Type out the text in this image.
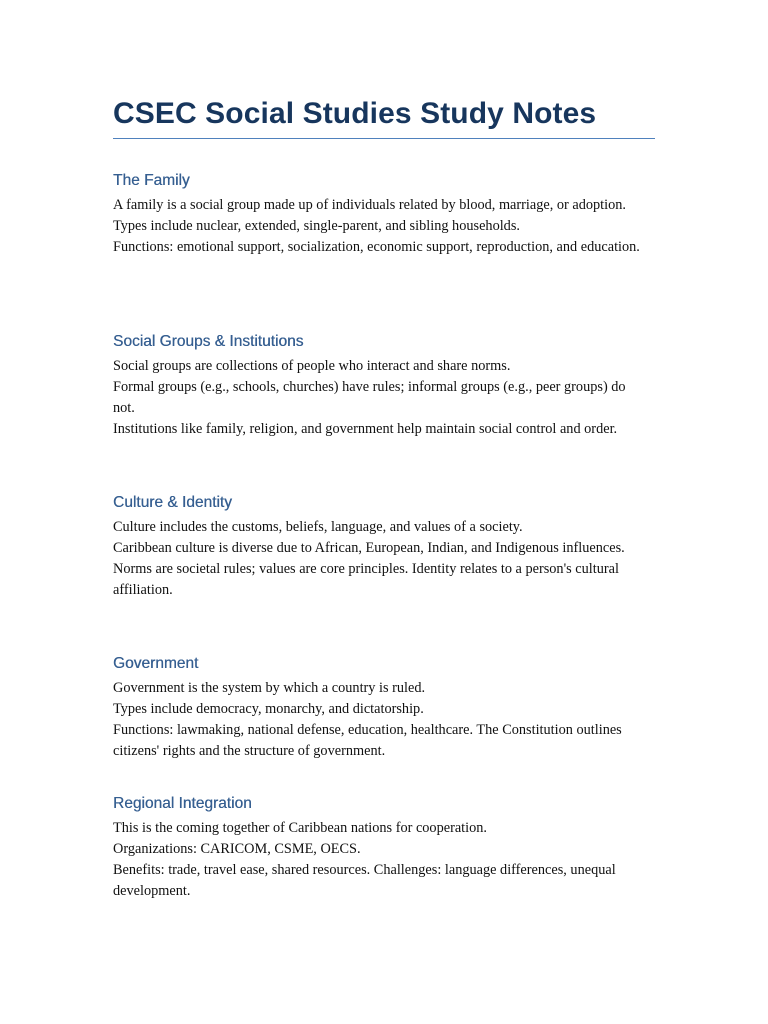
CSEC Social Studies Study Notes
The Family

A family is a social group made up of individuals related by blood, marriage, or adoption.

Types include nuclear, extended, single-parent, and sibling households.

Functions: emotional support, socialization, economic support, reproduction, and education.

Social Groups & Institutions

Social groups are collections of people who interact and share norms.

Formal groups (e.g., schools, churches) have rules; informal groups (e.g., peer groups) do not.

Institutions like family, religion, and government help maintain social control and order.

Culture & Identity

Culture includes the customs, beliefs, language, and values of a society.

Caribbean culture is diverse due to African, European, Indian, and Indigenous influences.

Norms are societal rules; values are core principles. Identity relates to a person's cultural affiliation.

Government

Government is the system by which a country is ruled.

Types include democracy, monarchy, and dictatorship.

Functions: lawmaking, national defense, education, healthcare. The Constitution outlines citizens' rights and the structure of government.

Regional Integration

This is the coming together of Caribbean nations for cooperation.

Organizations: CARICOM, CSME, OECS.

Benefits: trade, travel ease, shared resources. Challenges: language differences, unequal development.
